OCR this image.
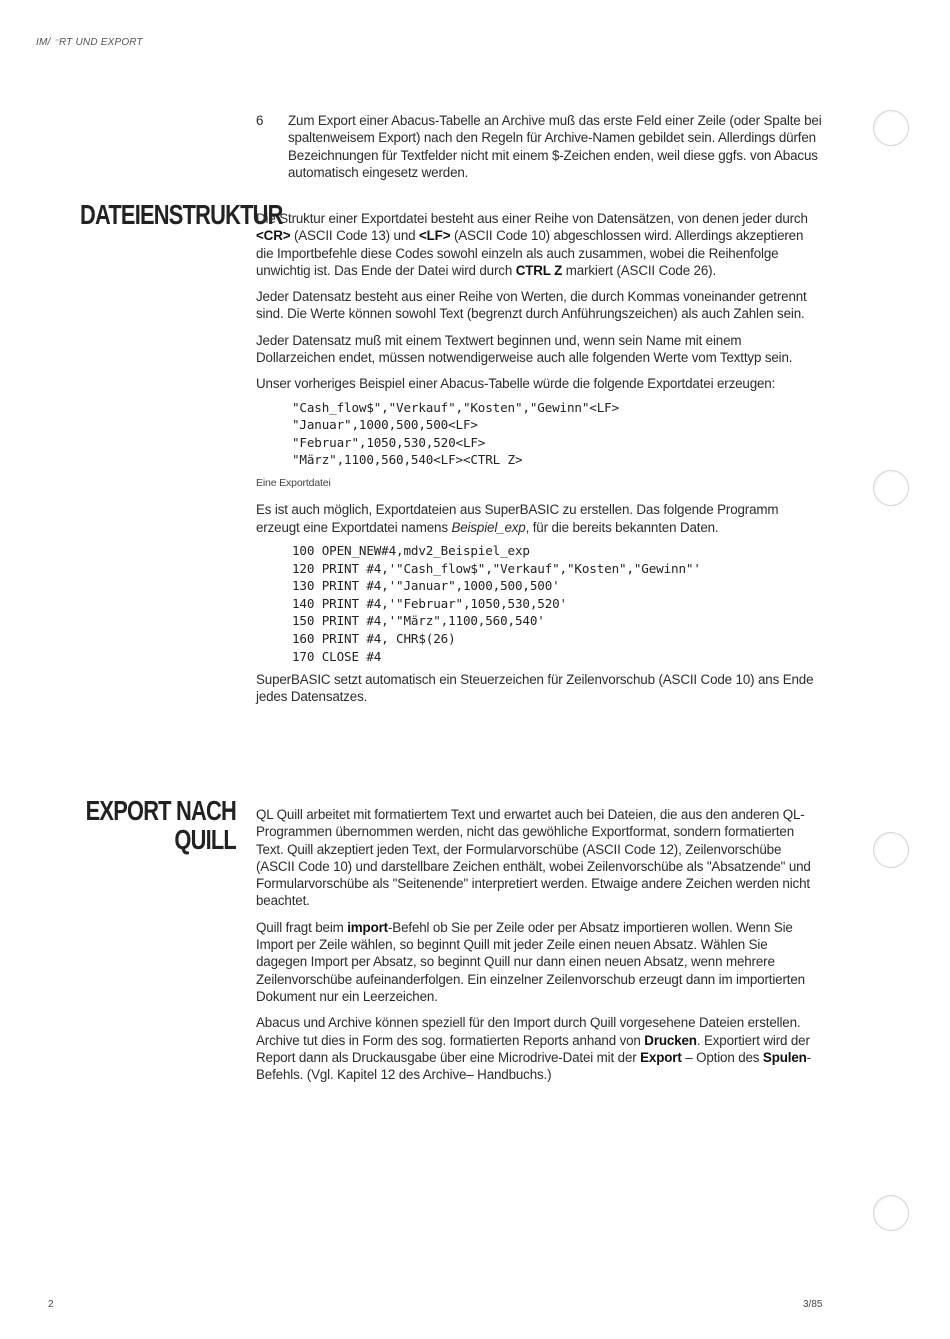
IM/ ⁻RT UND EXPORT
6	Zum Export einer Abacus-Tabelle an Archive muß das erste Feld einer Zeile (oder Spalte bei spaltenweisem Export) nach den Regeln für Archive-Namen gebildet sein. Allerdings dürfen Bezeichnungen für Textfelder nicht mit einem $-Zeichen enden, weil diese ggfs. von Abacus automatisch eingesetz werden.
DATEIENSTRUKTUR

Die Struktur einer Exportdatei besteht aus einer Reihe von Datensätzen, von denen jeder durch <CR> (ASCII Code 13) und <LF> (ASCII Code 10) abgeschlossen wird. Allerdings akzeptieren die Importbefehle diese Codes sowohl einzeln als auch zusammen, wobei die Reihenfolge unwichtig ist. Das Ende der Datei wird durch CTRL Z markiert (ASCII Code 26).

Jeder Datensatz besteht aus einer Reihe von Werten, die durch Kommas voneinander getrennt sind. Die Werte können sowohl Text (begrenzt durch Anführungszeichen) als auch Zahlen sein.

Jeder Datensatz muß mit einem Textwert beginnen und, wenn sein Name mit einem Dollarzeichen endet, müssen notwendigerweise auch alle folgenden Werte vom Texttyp sein.

Unser vorheriges Beispiel einer Abacus-Tabelle würde die folgende Exportdatei erzeugen:

"Cash_flow$","Verkauf","Kosten","Gewinn"<LF>
"Januar",1000,500,500<LF>
"Februar",1050,530,520<LF>
"März",1100,560,540<LF><CTRL Z>

Eine Exportdatei

Es ist auch möglich, Exportdateien aus SuperBASIC zu erstellen. Das folgende Programm erzeugt eine Exportdatei namens Beispiel_exp, für die bereits bekannten Daten.

100 OPEN_NEW#4,mdv2_Beispiel_exp
120 PRINT #4,'"Cash_flow$","Verkauf","Kosten","Gewinn"'
130 PRINT #4,'"Januar",1000,500,500'
140 PRINT #4,'"Februar",1050,530,520'
150 PRINT #4,'"März",1100,560,540'
160 PRINT #4, CHR$(26)
170 CLOSE #4

SuperBASIC setzt automatisch ein Steuerzeichen für Zeilenvorschub (ASCII Code 10) ans Ende jedes Datensatzes.

EXPORT NACH
QUILL

QL Quill arbeitet mit formatiertem Text und erwartet auch bei Dateien, die aus den anderen QL-Programmen übernommen werden, nicht das gewöhliche Exportformat, sondern formatierten Text. Quill akzeptiert jeden Text, der Formularvorschübe (ASCII Code 12), Zeilenvorschübe (ASCII Code 10) und darstellbare Zeichen enthält, wobei Zeilenvorschübe als "Absatzende" und Formularvorschübe als "Seitenende" interpretiert werden. Etwaige andere Zeichen werden nicht beachtet.

Quill fragt beim import-Befehl ob Sie per Zeile oder per Absatz importieren wollen. Wenn Sie Import per Zeile wählen, so beginnt Quill mit jeder Zeile einen neuen Absatz. Wählen Sie dagegen Import per Absatz, so beginnt Quill nur dann einen neuen Absatz, wenn mehrere Zeilenvorschübe aufeinanderfolgen. Ein einzelner Zeilenvorschub erzeugt dann im importierten Dokument nur ein Leerzeichen.

Abacus und Archive können speziell für den Import durch Quill vorgesehene Dateien erstellen. Archive tut dies in Form des sog. formatierten Reports anhand von Drucken. Exportiert wird der Report dann als Druckausgabe über eine Microdrive-Datei mit der Export – Option des Spulen-Befehls. (Vgl. Kapitel 12 des Archive– Handbuchs.)

2	3/85
